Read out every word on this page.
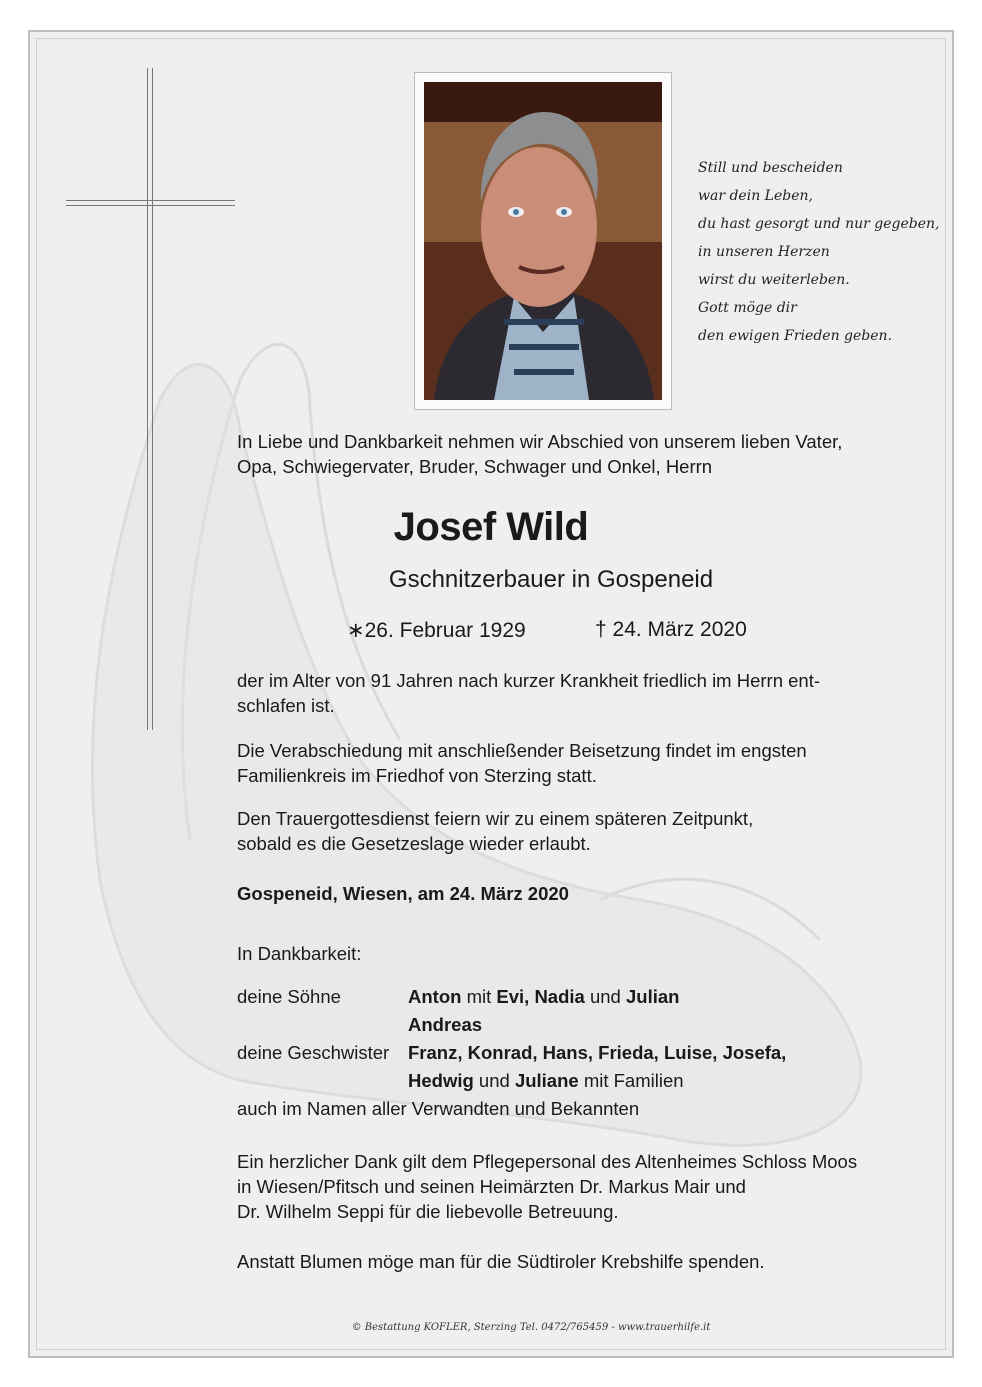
Still und bescheiden
war dein Leben,
du hast gesorgt und nur gegeben,
in unseren Herzen
wirst du weiterleben.
Gott möge dir
den ewigen Frieden geben.
In Liebe und Dankbarkeit nehmen wir Abschied von unserem lieben Vater,
Opa, Schwiegervater, Bruder, Schwager und Onkel, Herrn
Josef Wild
Gschnitzerbauer in Gospeneid
∗26. Februar 1929	† 24. März 2020
der im Alter von 91 Jahren nach kurzer Krankheit friedlich im Herrn ent-
schlafen ist.
Die Verabschiedung mit anschließender Beisetzung findet im engsten
Familienkreis im Friedhof von Sterzing statt.
Den Trauergottesdienst feiern wir zu einem späteren Zeitpunkt,
sobald es die Gesetzeslage wieder erlaubt.
Gospeneid, Wiesen, am 24. März 2020
In Dankbarkeit:
deine Söhne	Anton mit Evi, Nadia und Julian
Andreas
deine Geschwister Franz, Konrad, Hans, Frieda, Luise, Josefa,
Hedwig und Juliane mit Familien
auch im Namen aller Verwandten und Bekannten
Ein herzlicher Dank gilt dem Pflegepersonal des Altenheimes Schloss Moos
in Wiesen/Pfitsch und seinen Heimärzten Dr. Markus Mair und
Dr. Wilhelm Seppi für die liebevolle Betreuung.
Anstatt Blumen möge man für die Südtiroler Krebshilfe spenden.
© Bestattung KOFLER, Sterzing Tel. 0472/765459 - www.trauerhilfe.it
